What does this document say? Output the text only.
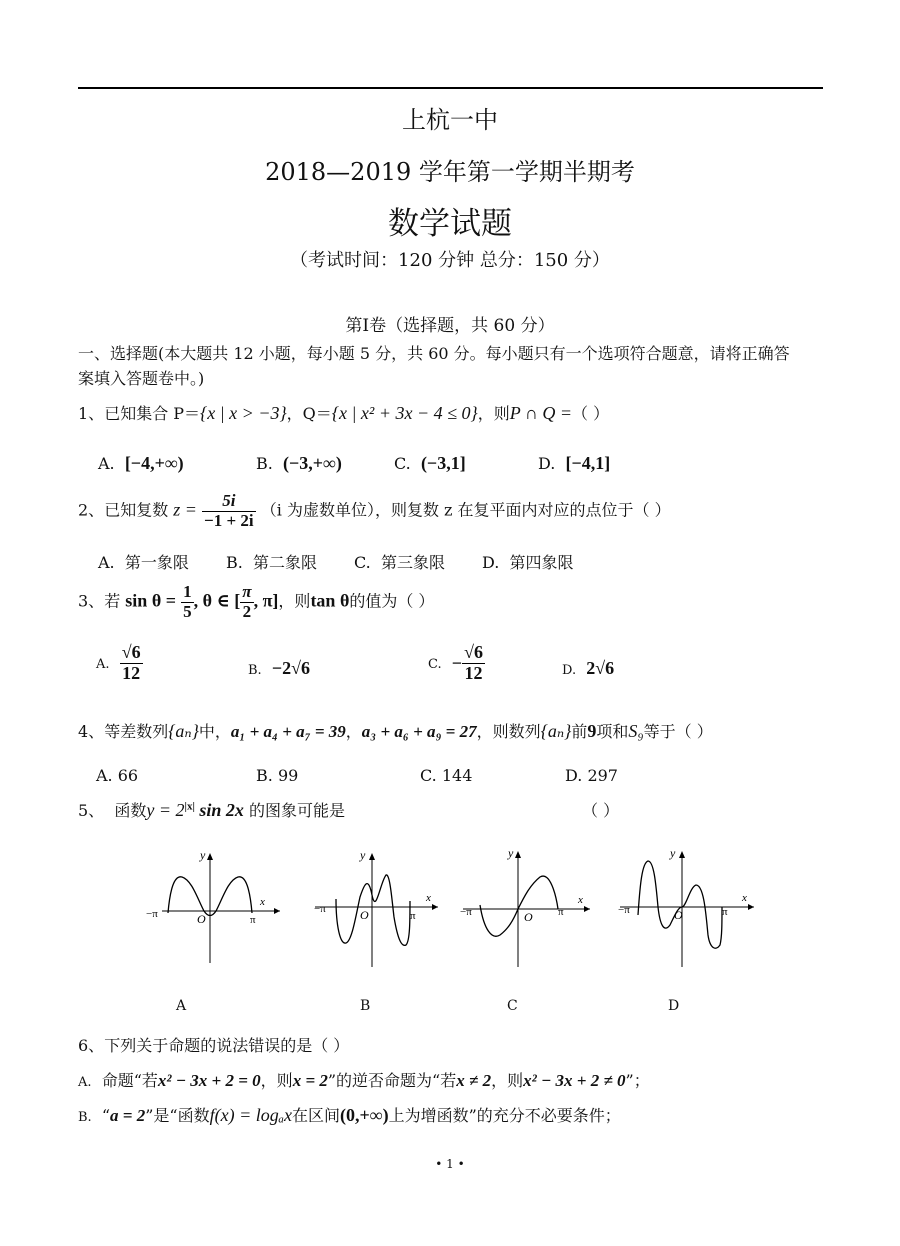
上杭一中
2018—2019 学年第一学期半期考
数学试题
（考试时间：120 分钟 总分：150 分）
第Ⅰ卷（选择题，共 60 分）
一、选择题(本大题共 12 小题，每小题 5 分，共 60 分。每小题只有一个选项符合题意，请将正确答
案填入答题卷中。)
1、已知集合 P＝{x | x > −3}，Q＝{x | x² + 3x − 4 ≤ 0}，则P ∩ Q =（ ）
A. [−4,+∞)	B. (−3,+∞)	C. (−3,1]	D. [−4,1]
2、已知复数 $z = \frac{5i}{-1 + 2i} (i$ 为虚数单位），则复数 z 在复平面内对应的点位于（ ）
A. 第一象限 B. 第二象限 C. 第三象限 D. 第四象限
3、若 $\sin \theta = \frac{1}{5}$ , θ ∈ [ $\frac{\pi}{2}$ , π]，则tan θ的值为（ ）
A. $\frac{√6}{12}$	B. −2√6	C. − $\frac{√6}{12}$	D. 2√6
4、等差数列{aₙ}中，a₁ + a₄ + a₇ = 39，a₃ + a₆ + a₉ = 27，则数列{aₙ}前9项和S₉等于（ ）
A. 66	B. 99	C. 144	D. 297
5、 函数$y = 2^{|x|}$ sin 2x 的图象可能是	（ ）
y
x
O
−π	π
A
y
x
O
−π
π
B
y
x
O
−π	π
C
y
x
O
−π	π
D
6、下列关于命题的说法错误的是（ ）
A. 命题“若x² − 3x + 2 = 0，则x = 2”的逆否命题为“若x ≠ 2，则x² − 3x + 2 ≠ 0”；
B. “a = 2”是“函数f(x) = logₐx在区间(0,+∞)上为增函数”的充分不必要条件；
• 1 •
